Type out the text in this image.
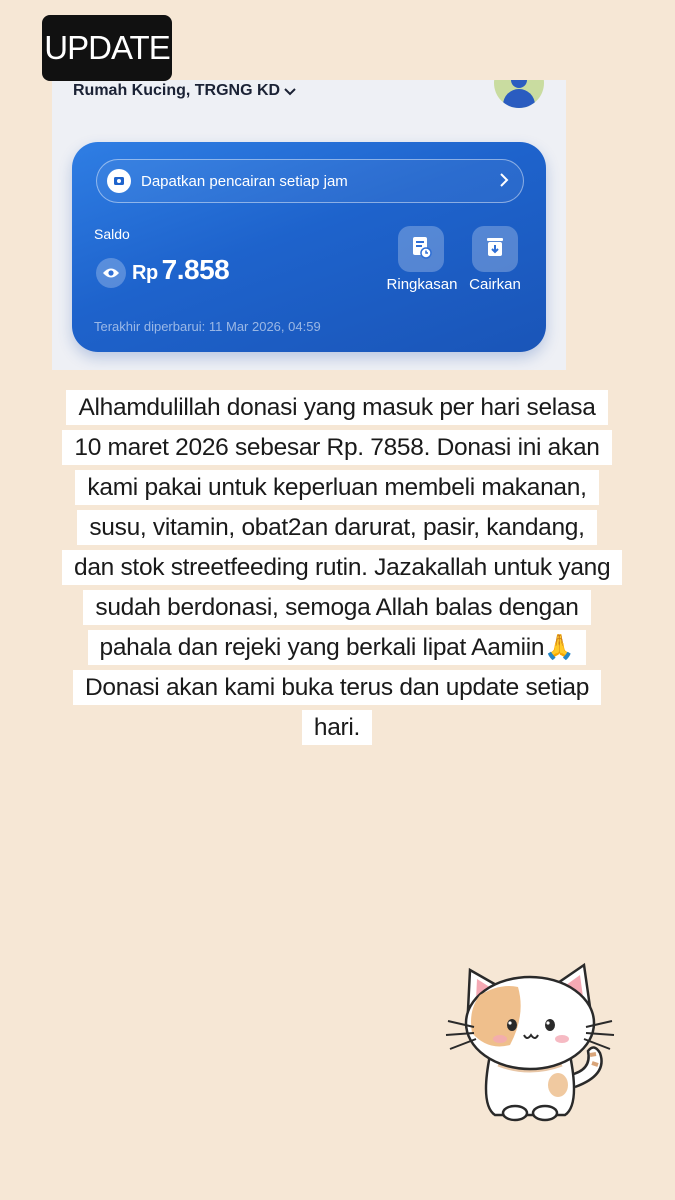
UPDATE
Rumah Kucing, TRGNG KD
Dapatkan pencairan setiap jam
Saldo
Rp 7.858	Ringkasan Cairkan
Terakhir diperbarui: 11 Mar 2026, 04:59
Alhamdulillah donasi yang masuk per hari selasa 10 maret 2026 sebesar Rp. 7858. Donasi ini akan kami pakai untuk keperluan membeli makanan, susu, vitamin, obat2an darurat, pasir, kandang, dan stok streetfeeding rutin. Jazakallah untuk yang sudah berdonasi, semoga Allah balas dengan pahala dan rejeki yang berkali lipat Aamiin🙏 Donasi akan kami buka terus dan update setiap hari.
